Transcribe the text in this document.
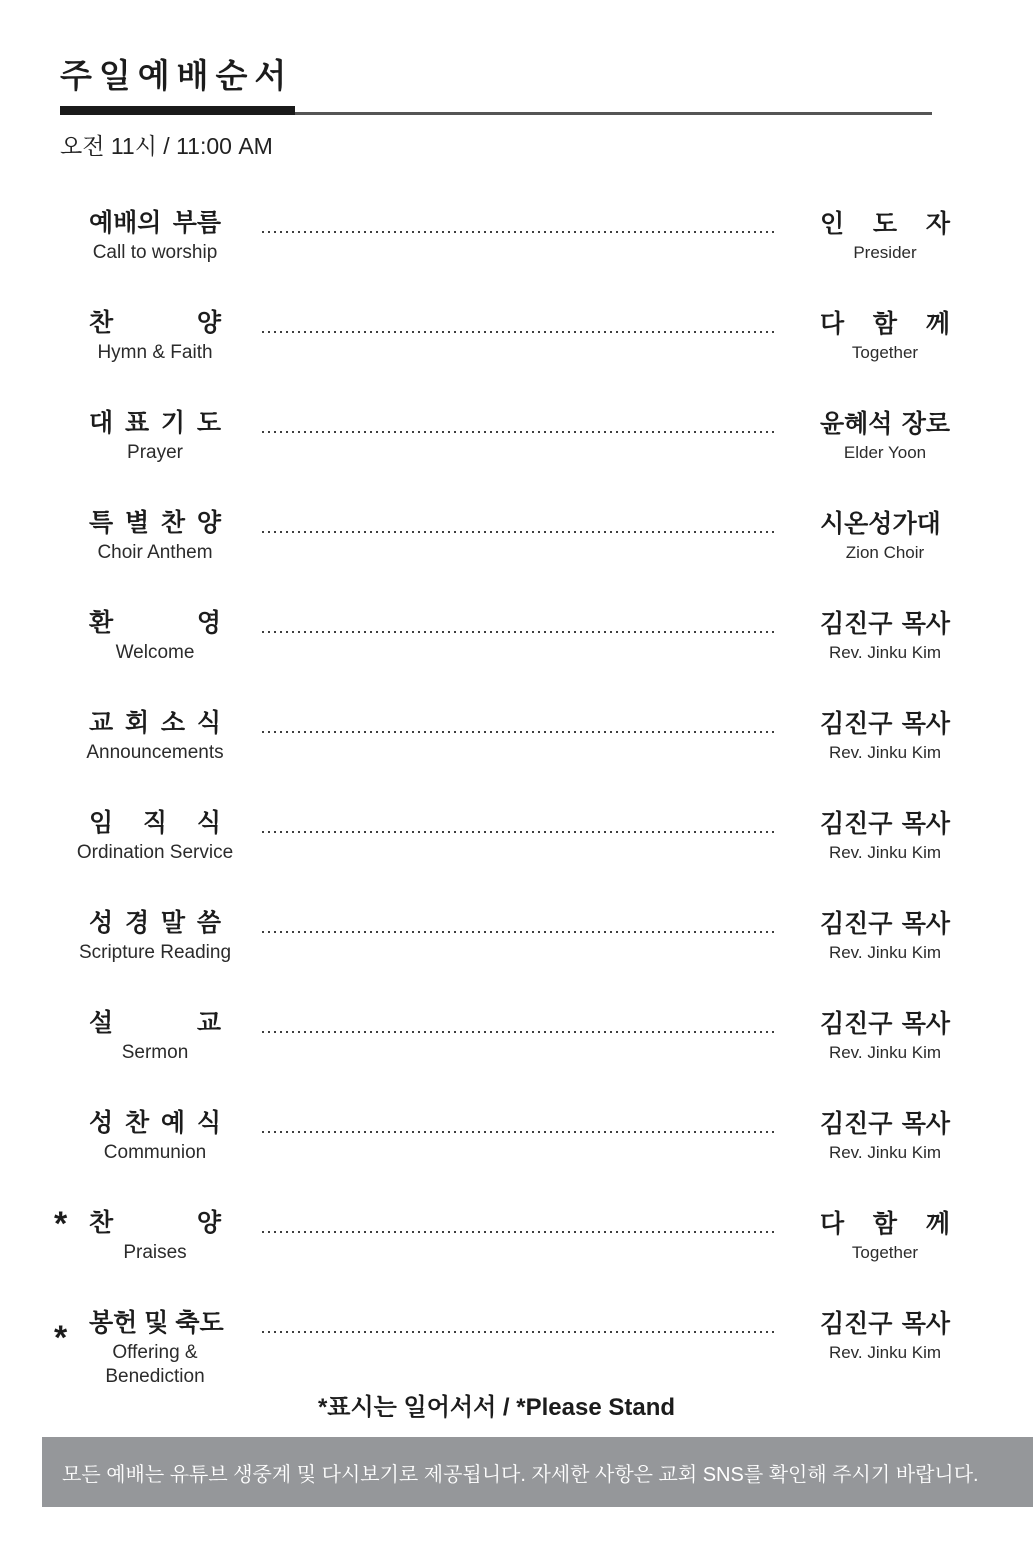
주일예배순서
오전 11시 / 11:00 AM
예배의 부름
Call to worship
인 도 자
Presider
찬 양
Hymn & Faith
다 함 께
Together
대 표 기 도
Prayer
윤혜석 장로
Elder Yoon
특 별 찬 양
Choir Anthem
시온성가대
Zion Choir
환 영
Welcome
김진구 목사
Rev. Jinku Kim
교 회 소 식
Announcements
김진구 목사
Rev. Jinku Kim
임 직 식
Ordination Service
김진구 목사
Rev. Jinku Kim
성 경 말 씀
Scripture Reading
김진구 목사
Rev. Jinku Kim
설 교
Sermon
김진구 목사
Rev. Jinku Kim
성 찬 예 식
Communion
김진구 목사
Rev. Jinku Kim
* 찬 양
Praises
다 함 께
Together
* 봉헌 및 축도
Offering &
Benediction
김진구 목사
Rev. Jinku Kim
*표시는 일어서서 / *Please Stand
모든 예배는 유튜브 생중계 및 다시보기로 제공됩니다. 자세한 사항은 교회 SNS를 확인해 주시기 바랍니다.
